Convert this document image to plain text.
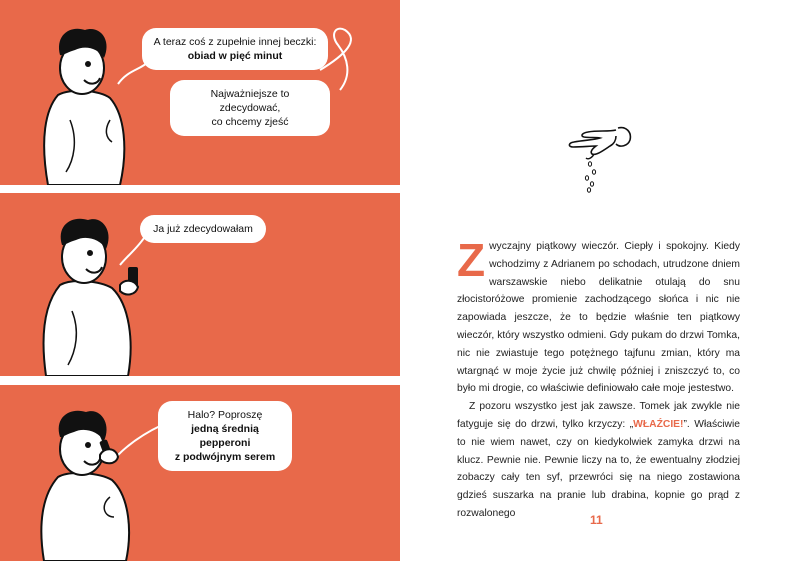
A teraz coś z zupełnie innej beczki:
obiad w pięć minut
Najważniejsze to zdecydować,
co chcemy zjeść
Ja już zdecydowałam
Halo? Poproszę
jedną średnią pepperoni
z podwójnym serem

Zwyczajny piątkowy wieczór. Ciepły i spokojny. Kiedy wchodzimy z Adrianem po schodach, utrudzone dniem warszawskie niebo delikatnie otulają do snu złocistoróżowe promienie zachodzącego słońca i nic nie zapowiada jeszcze, że to będzie właśnie ten piątkowy wieczór, który wszystko odmieni. Gdy pukam do drzwi Tomka, nic nie zwiastuje tego potężnego tajfunu zmian, który ma wtargnąć w moje życie już chwilę później i zniszczyć to, co było mi drogie, co właściwie definiowało całe moje jestestwo.

Z pozoru wszystko jest jak zawsze. Tomek jak zwykle nie fatyguje się do drzwi, tylko krzyczy: „WŁAŹCIE!”. Właściwie to nie wiem nawet, czy on kiedykolwiek zamyka drzwi na klucz. Pewnie nie. Pewnie liczy na to, że ewentualny złodziej zobaczy cały ten syf, przewróci się na niego zostawiona gdzieś suszarka na pranie lub drabina, kopnie go prąd z rozwalonego	11
